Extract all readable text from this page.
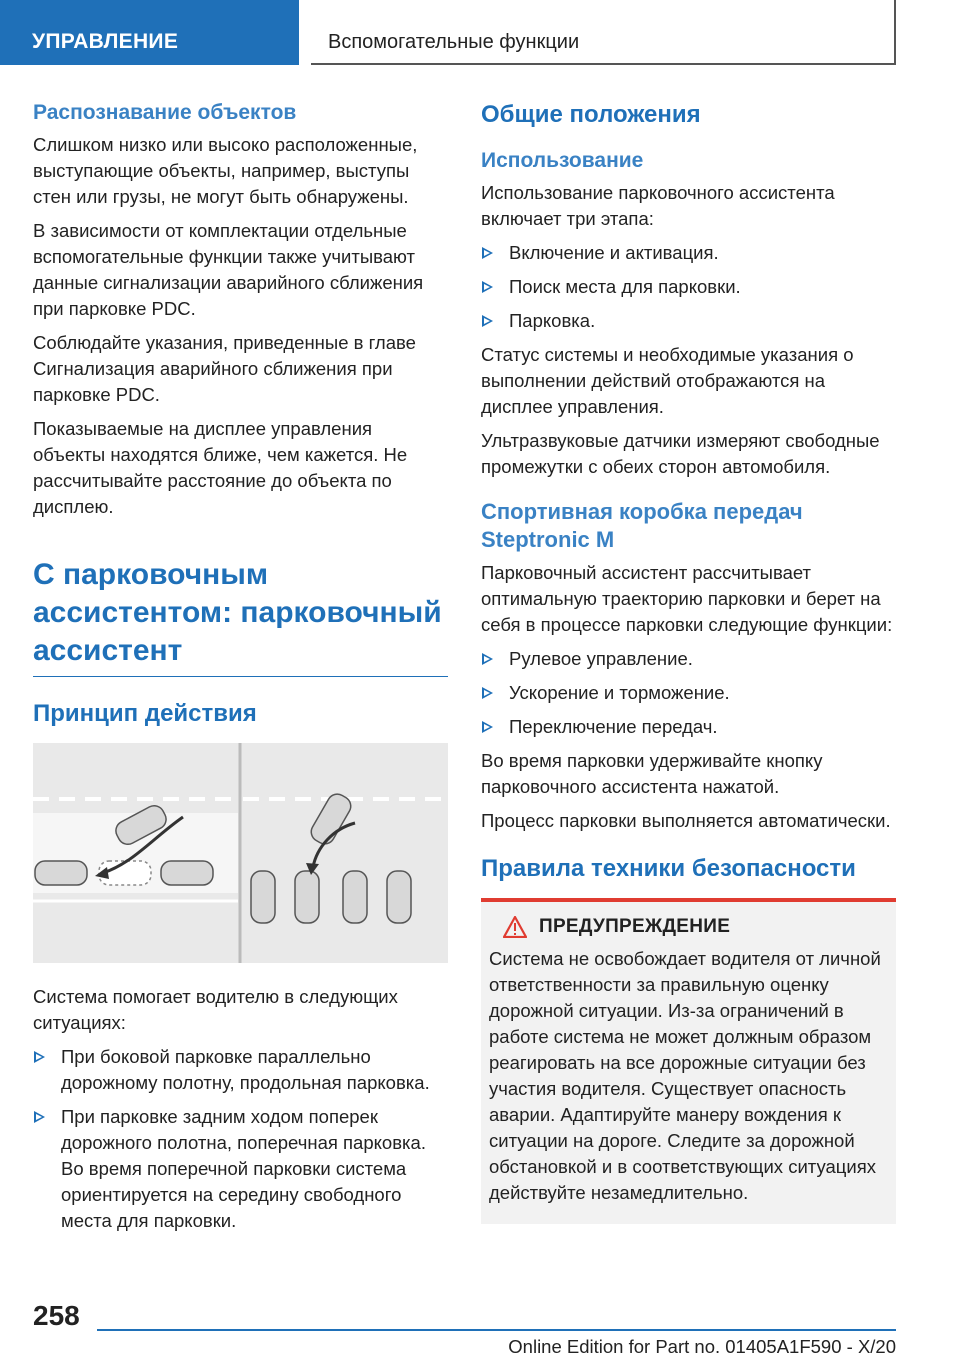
УПРАВЛЕНИЕ	Вспомогательные функции
Распознавание объектов

Слишком низко или высоко расположенные, выступающие объекты, например, выступы стен или грузы, не могут быть обнаружены.

В зависимости от комплектации отдельные вспомогательные функции также учитывают данные сигнализации аварийного сближения при парковке PDC.

Соблюдайте указания, приведенные в главе Сигнализация аварийного сближения при парковке PDC.

Показываемые на дисплее управления объекты находятся ближе, чем кажется. Не рассчитывайте расстояние до объекта по дисплею.

С парковочным ассистентом: парковочный ассистент
Принцип действия

Система помогает водителю в следующих ситуациях:

При боковой парковке параллельно дорожному полотну, продольная парковка.
При парковке задним ходом поперек дорожного полотна, поперечная парковка. Во время поперечной парковки система ориентируется на середину свободного места для парковки.
Общие положения
Использование

Использование парковочного ассистента включает три этапа:

Включение и активация.
Поиск места для парковки.
Парковка.

Статус системы и необходимые указания о выполнении действий отображаются на дисплее управления.

Ультразвуковые датчики измеряют свободные промежутки с обеих сторон автомобиля.

Спортивная коробка передач Steptronic M

Парковочный ассистент рассчитывает оптимальную траекторию парковки и берет на себя в процессе парковки следующие функции:

Рулевое управление.
Ускорение и торможение.
Переключение передач.

Во время парковки удерживайте кнопку парковочного ассистента нажатой.

Процесс парковки выполняется автоматически.

Правила техники безопасности
ПРЕДУПРЕЖДЕНИЕ

Система не освобождает водителя от личной ответственности за правильную оценку дорожной ситуации. Из-за ограничений в работе система не может должным образом реагировать на все дорожные ситуации без участия водителя. Существует опасность аварии. Адаптируйте манеру вождения к ситуации на дороге. Следите за дорожной обстановкой и в соответствующих ситуациях действуйте незамедлительно.

258
Online Edition for Part no. 01405A1F590 - X/20
